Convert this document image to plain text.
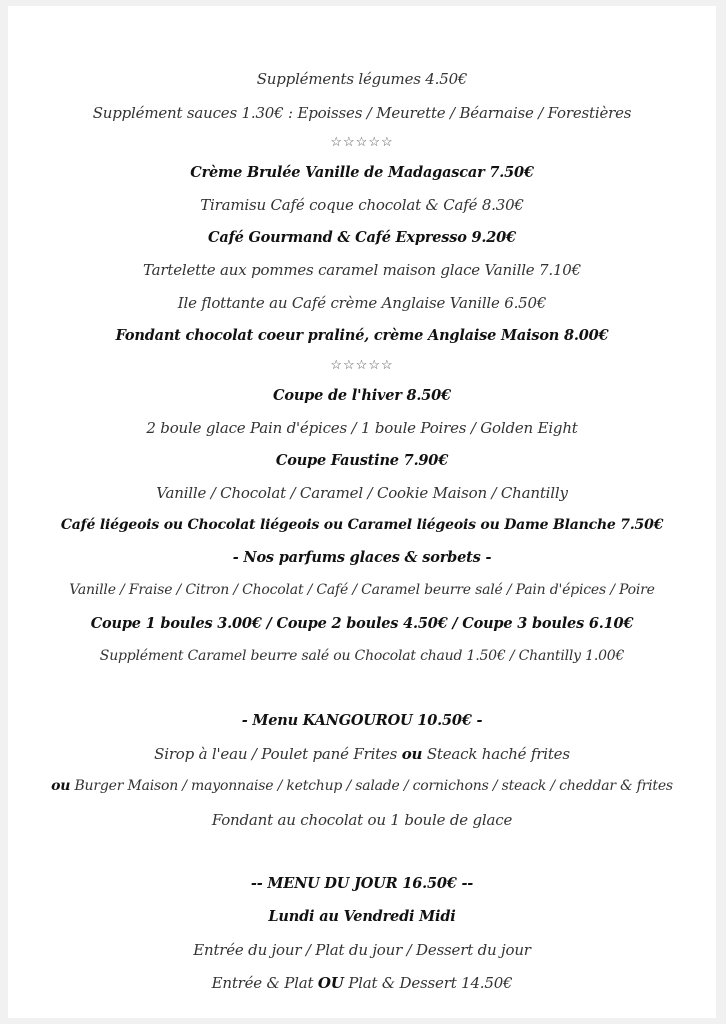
Suppléments légumes 4.50€
Supplément sauces 1.30€ : Epoisses / Meurette / Béarnaise / Forestières
☆☆☆☆☆
Crème Brulée Vanille de Madagascar 7.50€
Tiramisu Café coque chocolat & Café 8.30€
Café Gourmand & Café Expresso 9.20€
Tartelette aux pommes caramel maison glace Vanille 7.10€
Ile flottante au Café crème Anglaise Vanille 6.50€
Fondant chocolat coeur praliné, crème Anglaise Maison 8.00€
☆☆☆☆☆
Coupe de l'hiver 8.50€
2 boule glace Pain d'épices / 1 boule Poires / Golden Eight
Coupe Faustine 7.90€
Vanille / Chocolat / Caramel / Cookie Maison / Chantilly
Café liégeois ou Chocolat liégeois ou Caramel liégeois ou Dame Blanche 7.50€
- Nos parfums glaces & sorbets -
Vanille / Fraise / Citron / Chocolat / Café / Caramel beurre salé / Pain d'épices / Poire
Coupe 1 boules 3.00€ / Coupe 2 boules 4.50€ / Coupe 3 boules 6.10€
Supplément Caramel beurre salé ou Chocolat chaud 1.50€ / Chantilly 1.00€
- Menu KANGOUROU 10.50€ -
Sirop à l'eau / Poulet pané Frites ou Steack haché frites
ou Burger Maison / mayonnaise / ketchup / salade / cornichons / steack / cheddar & frites
Fondant au chocolat ou 1 boule de glace
-- MENU DU JOUR 16.50€ --
Lundi au Vendredi Midi
Entrée du jour / Plat du jour / Dessert du jour
Entrée & Plat OU Plat & Dessert 14.50€
